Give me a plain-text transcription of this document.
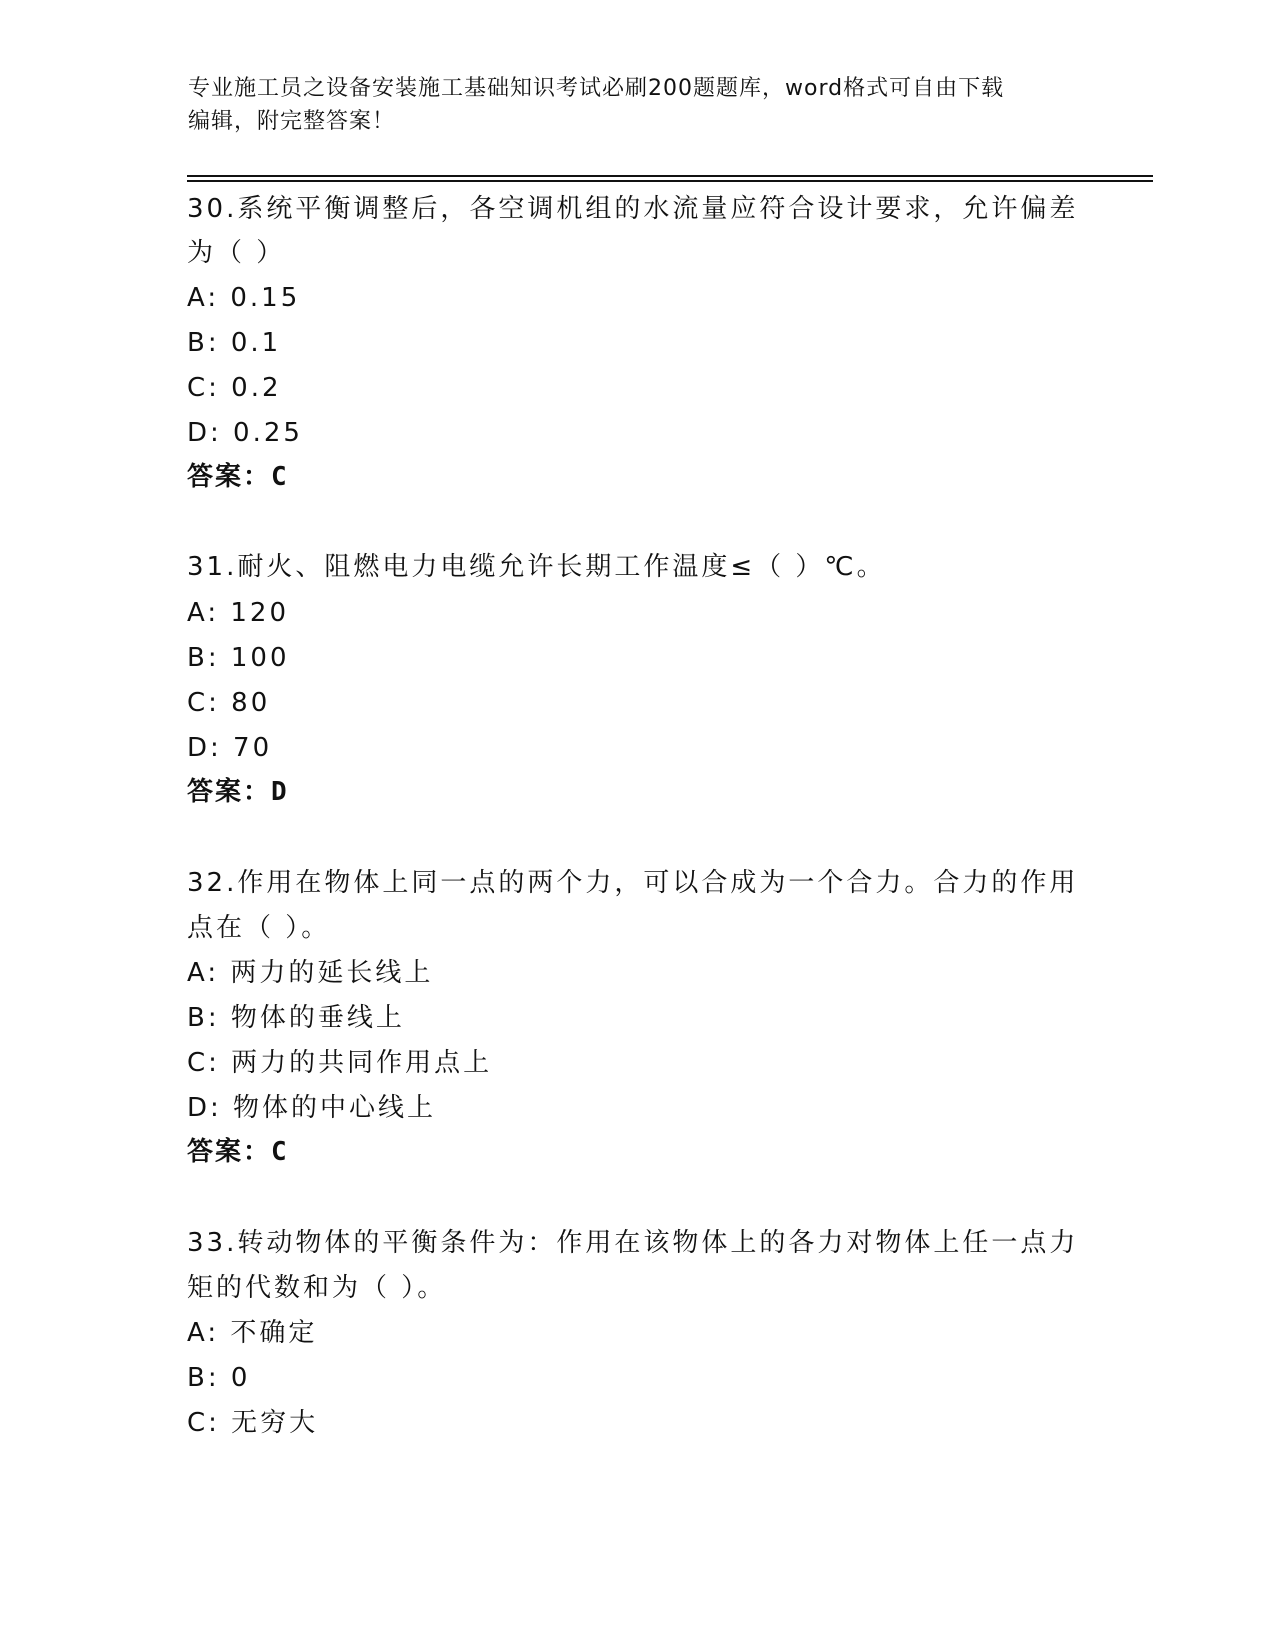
专业施工员之设备安装施工基础知识考试必刷200题题库，word格式可自由下载
编辑，附完整答案！
30.系统平衡调整后，各空调机组的水流量应符合设计要求，允许偏差
为（ ）
A: 0.15
B: 0.1
C: 0.2
D: 0.25
答案：C
31.耐火、阻燃电力电缆允许长期工作温度≤（ ）℃。
A: 120
B: 100
C: 80
D: 70
答案：D
32.作用在物体上同一点的两个力，可以合成为一个合力。合力的作用
点在（ ）。
A: 两力的延长线上
B: 物体的垂线上
C: 两力的共同作用点上
D: 物体的中心线上
答案：C
33.转动物体的平衡条件为：作用在该物体上的各力对物体上任一点力
矩的代数和为（ ）。
A: 不确定
B: 0
C: 无穷大
